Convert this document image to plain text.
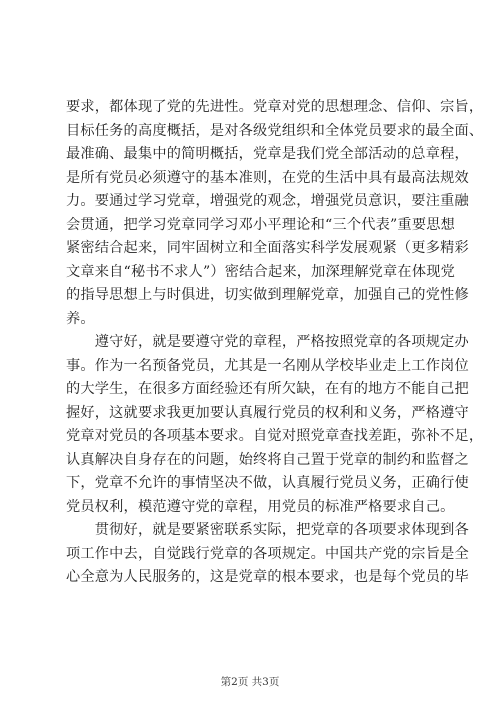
要求，都体现了党的先进性。党章对党的思想理念、信仰、宗旨，
目标任务的高度概括，是对各级党组织和全体党员要求的最全面、
最准确、最集中的简明概括，党章是我们党全部活动的总章程，
是所有党员必须遵守的基本准则，在党的生活中具有最高法规效
力。要通过学习党章，增强党的观念，增强党员意识，要注重融
会贯通，把学习党章同学习邓小平理论和“三个代表”重要思想
紧密结合起来，同牢固树立和全面落实科学发展观紧（更多精彩
文章来自“秘书不求人”）密结合起来，加深理解党章在体现党
的指导思想上与时俱进，切实做到理解党章，加强自己的党性修
养。
　　遵守好，就是要遵守党的章程，严格按照党章的各项规定办
事。作为一名预备党员，尤其是一名刚从学校毕业走上工作岗位
的大学生，在很多方面经验还有所欠缺，在有的地方不能自己把
握好，这就要求我更加要认真履行党员的权利和义务，严格遵守
党章对党员的各项基本要求。自觉对照党章查找差距，弥补不足，
认真解决自身存在的问题，始终将自己置于党章的制约和监督之
下，党章不允许的事情坚决不做，认真履行党员义务，正确行使
党员权利，模范遵守党的章程，用党员的标准严格要求自己。
　　贯彻好，就是要紧密联系实际，把党章的各项要求体现到各
项工作中去，自觉践行党章的各项规定。中国共产党的宗旨是全
心全意为人民服务的，这是党章的根本要求，也是每个党员的毕
第2页 共3页
